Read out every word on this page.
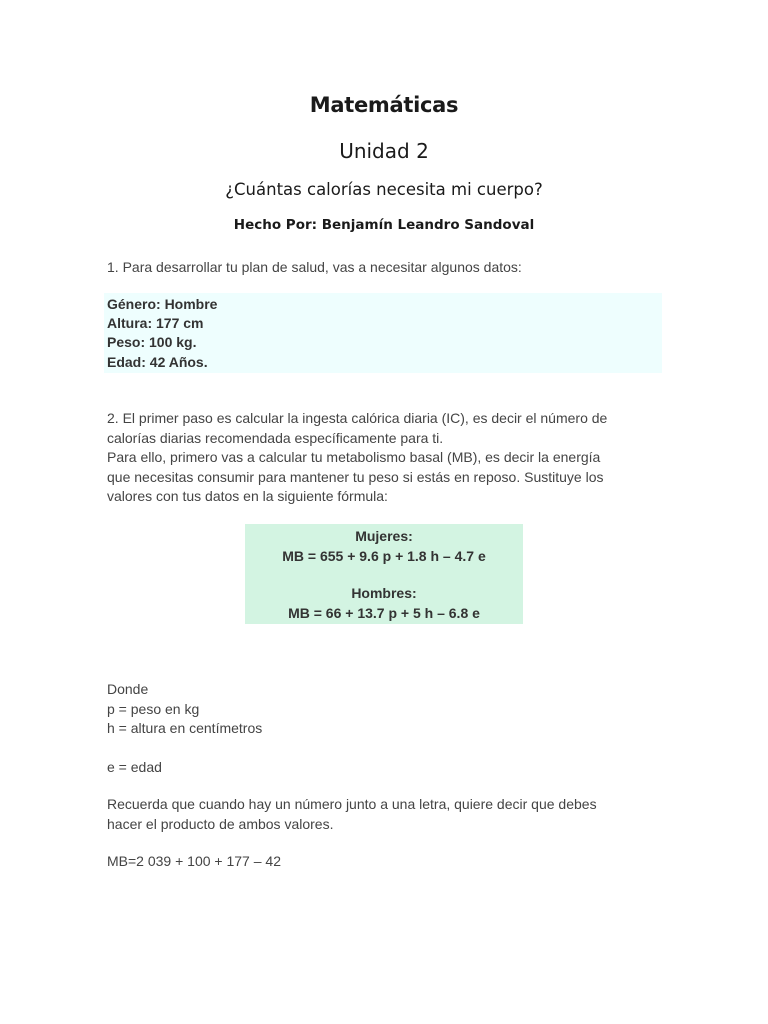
Matemáticas
Unidad 2
¿Cuántas calorías necesita mi cuerpo?
Hecho Por: Benjamín Leandro Sandoval
1. Para desarrollar tu plan de salud, vas a necesitar algunos datos:
Género: Hombre
Altura: 177 cm
Peso: 100 kg.
Edad: 42 Años.
2. El primer paso es calcular la ingesta calórica diaria (IC), es decir el número de
calorías diarias recomendada específicamente para ti.
Para ello, primero vas a calcular tu metabolismo basal (MB), es decir la energía
que necesitas consumir para mantener tu peso si estás en reposo. Sustituye los
valores con tus datos en la siguiente fórmula:
Mujeres:
MB = 655 + 9.6 p + 1.8 h – 4.7 e
Hombres:
MB = 66 + 13.7 p + 5 h – 6.8 e
Donde
p = peso en kg
h = altura en centímetros
e = edad
Recuerda que cuando hay un número junto a una letra, quiere decir que debes
hacer el producto de ambos valores.
MB=2 039 + 100 + 177 – 42
